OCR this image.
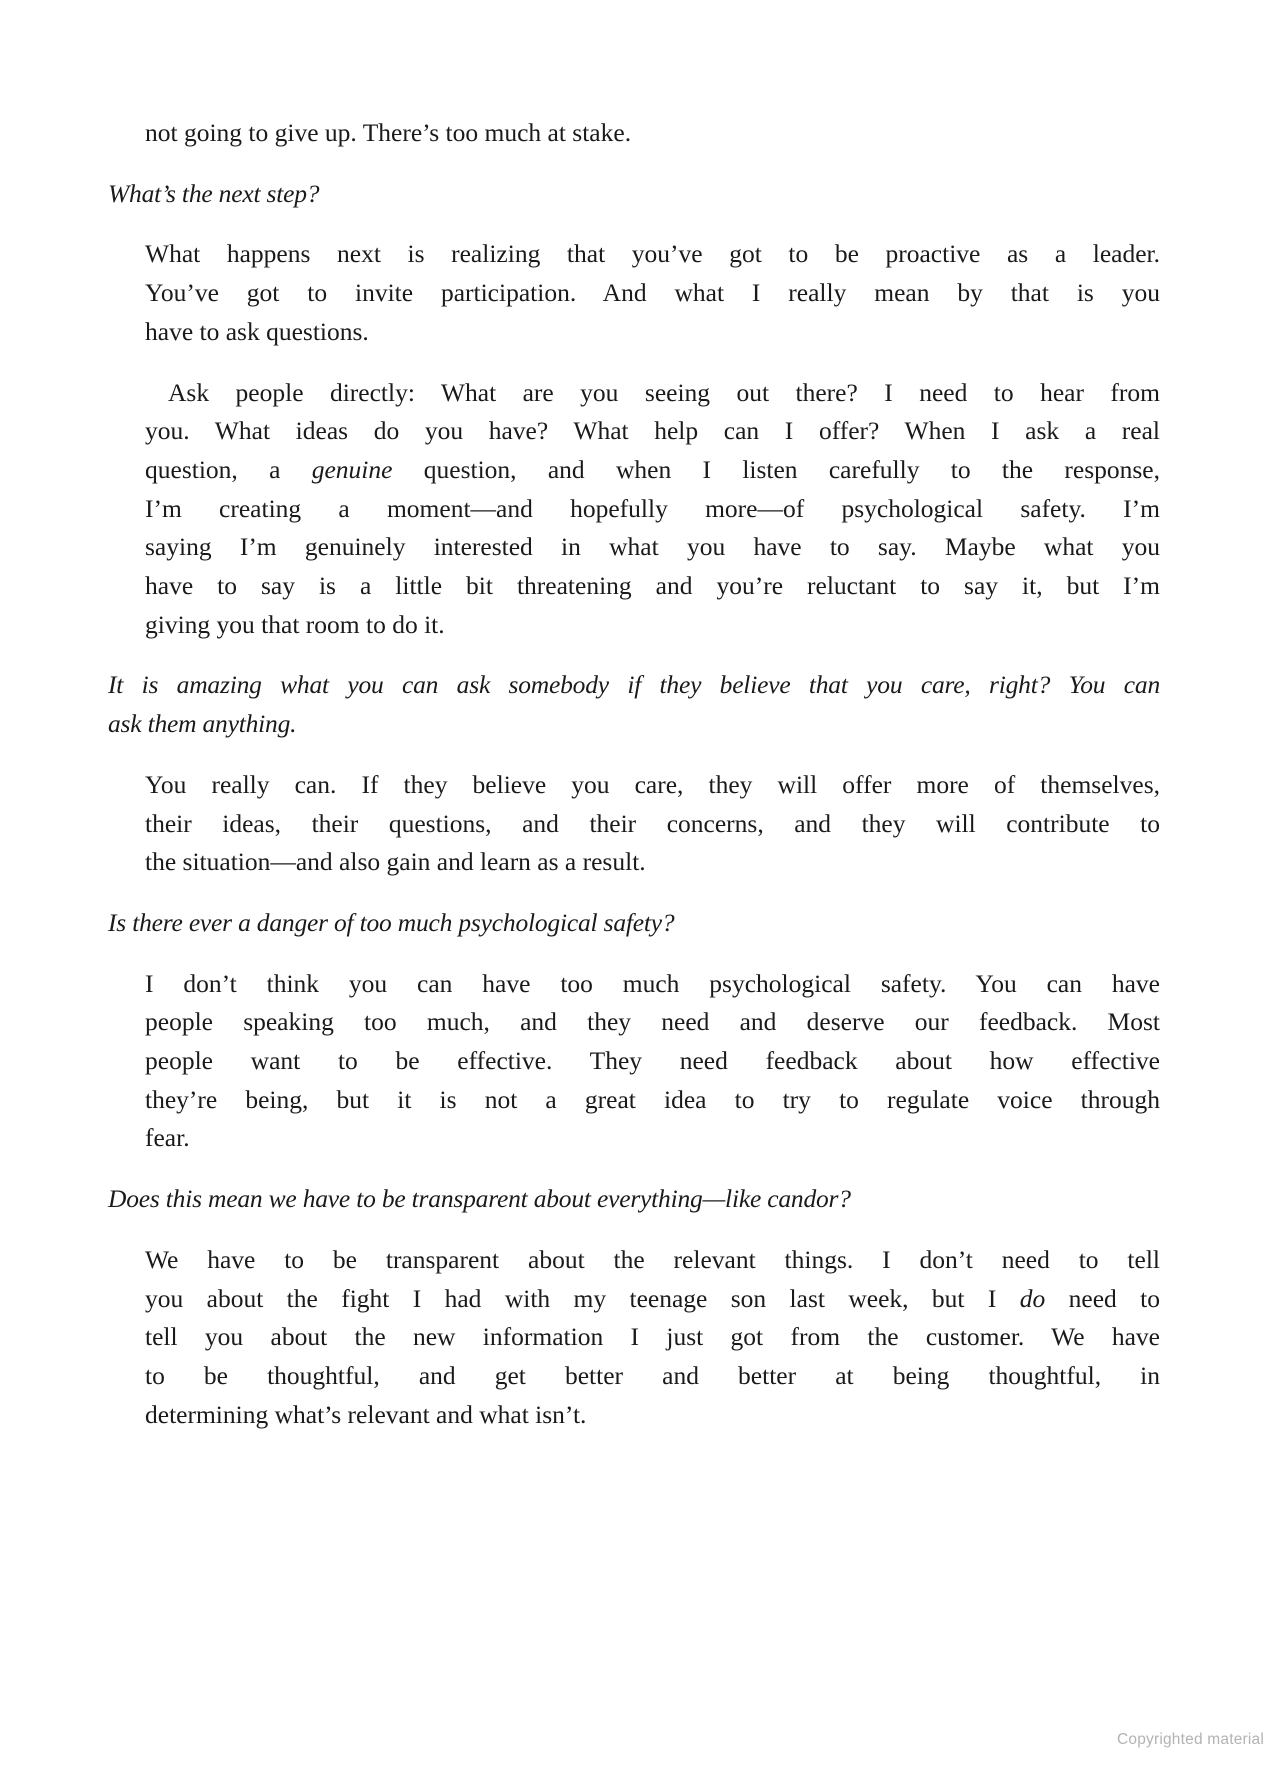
not going to give up. There’s too much at stake.

What’s the next step?

What happens next is realizing that you’ve got to be proactive as a leader.
You’ve got to invite participation. And what I really mean by that is you
have to ask questions.

Ask people directly: What are you seeing out there? I need to hear from
you. What ideas do you have? What help can I offer? When I ask a real
question, a genuine question, and when I listen carefully to the response,
I’m creating a moment—and hopefully more—of psychological safety. I’m
saying I’m genuinely interested in what you have to say. Maybe what you
have to say is a little bit threatening and you’re reluctant to say it, but I’m
giving you that room to do it.

It is amazing what you can ask somebody if they believe that you care, right? You can
ask them anything.

You really can. If they believe you care, they will offer more of themselves,
their ideas, their questions, and their concerns, and they will contribute to
the situation—and also gain and learn as a result.

Is there ever a danger of too much psychological safety?

I don’t think you can have too much psychological safety. You can have
people speaking too much, and they need and deserve our feedback. Most
people want to be effective. They need feedback about how effective
they’re being, but it is not a great idea to try to regulate voice through
fear.

Does this mean we have to be transparent about everything—like candor?

We have to be transparent about the relevant things. I don’t need to tell
you about the fight I had with my teenage son last week, but I do need to
tell you about the new information I just got from the customer. We have
to be thoughtful, and get better and better at being thoughtful, in
determining what’s relevant and what isn’t.

Copyrighted material
